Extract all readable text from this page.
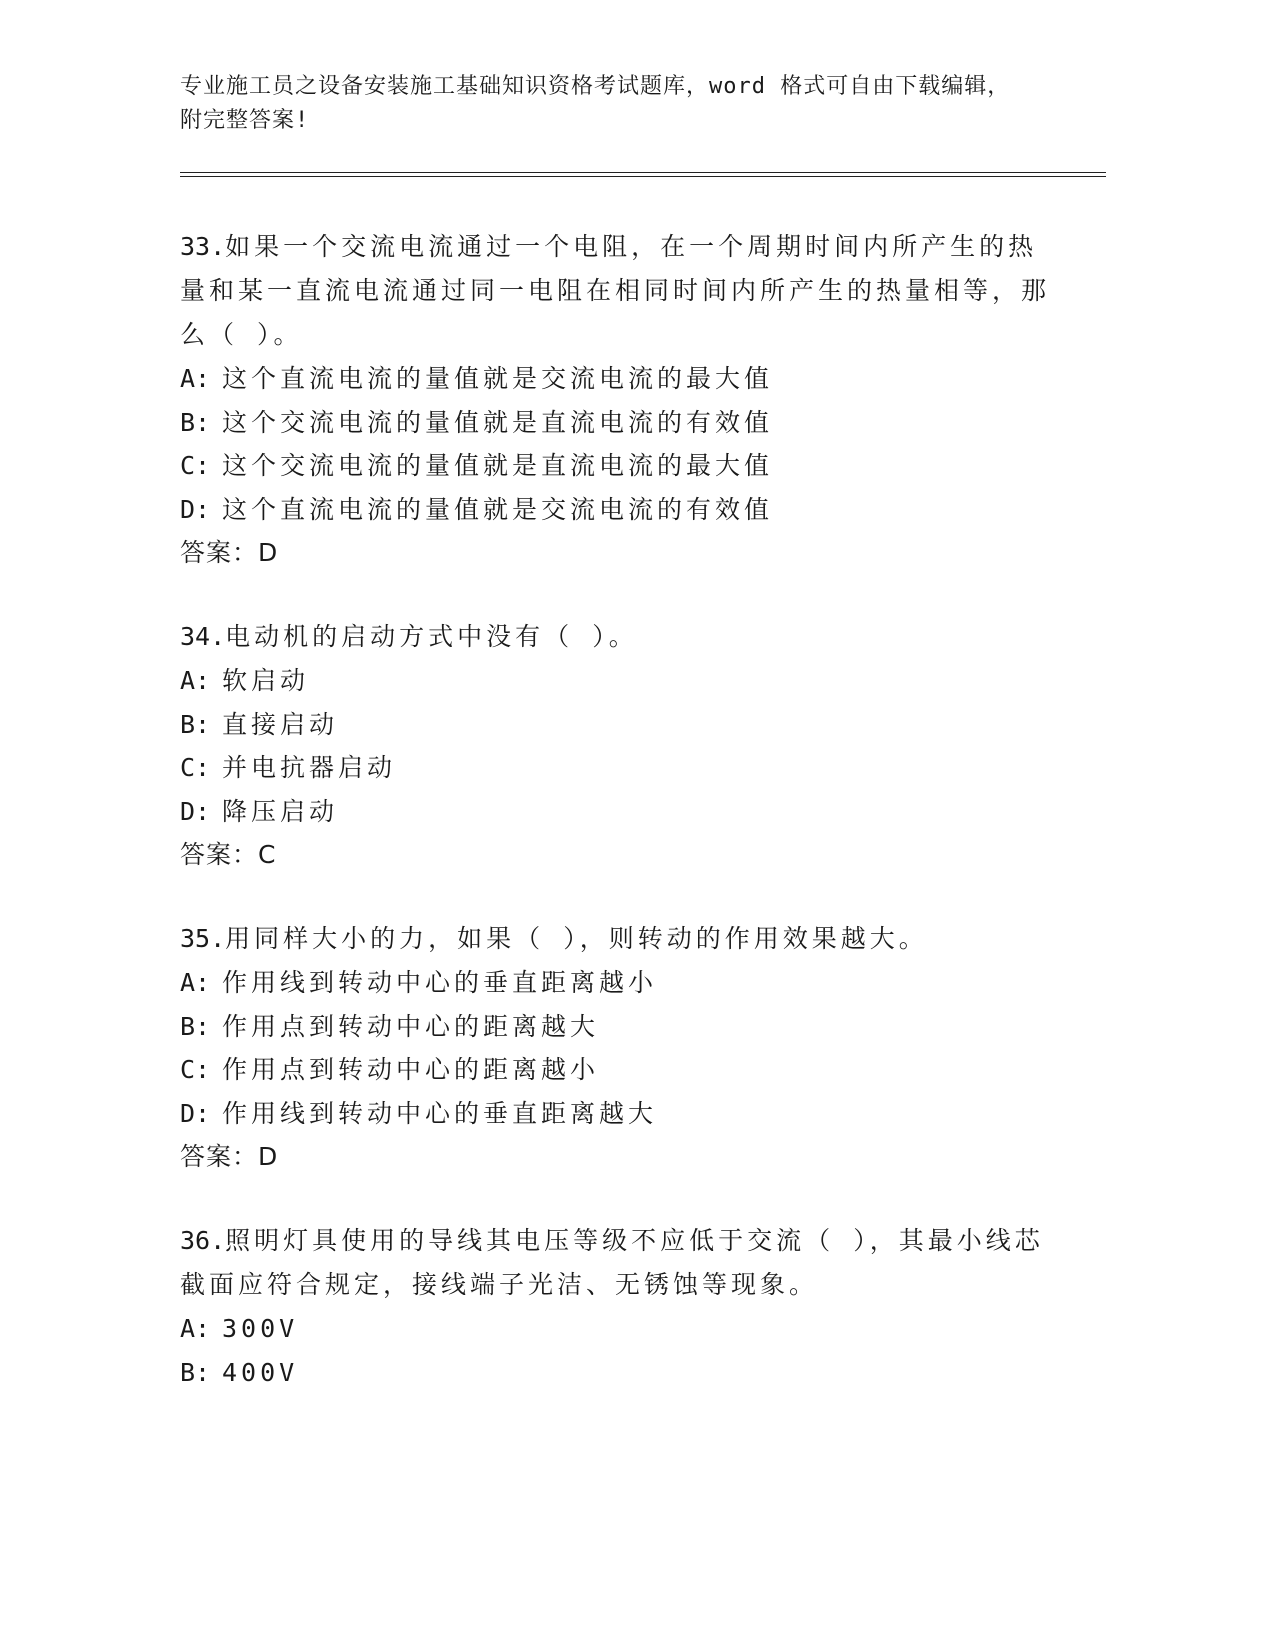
专业施工员之设备安装施工基础知识资格考试题库，word 格式可自由下载编辑，
附完整答案!

33.如果一个交流电流通过一个电阻，在一个周期时间内所产生的热量和某一直流电流通过同一电阻在相同时间内所产生的热量相等，那么（ ）。

A: 这个直流电流的量值就是交流电流的最大值

B: 这个交流电流的量值就是直流电流的有效值

C: 这个交流电流的量值就是直流电流的最大值

D: 这个直流电流的量值就是交流电流的有效值

答案：D

34.电动机的启动方式中没有（ ）。

A: 软启动

B: 直接启动

C: 并电抗器启动

D: 降压启动

答案：C

35.用同样大小的力，如果（ ），则转动的作用效果越大。

A: 作用线到转动中心的垂直距离越小

B: 作用点到转动中心的距离越大

C: 作用点到转动中心的距离越小

D: 作用线到转动中心的垂直距离越大

答案：D

36.照明灯具使用的导线其电压等级不应低于交流（ ），其最小线芯截面应符合规定，接线端子光洁、无锈蚀等现象。

A: 300V

B: 400V
